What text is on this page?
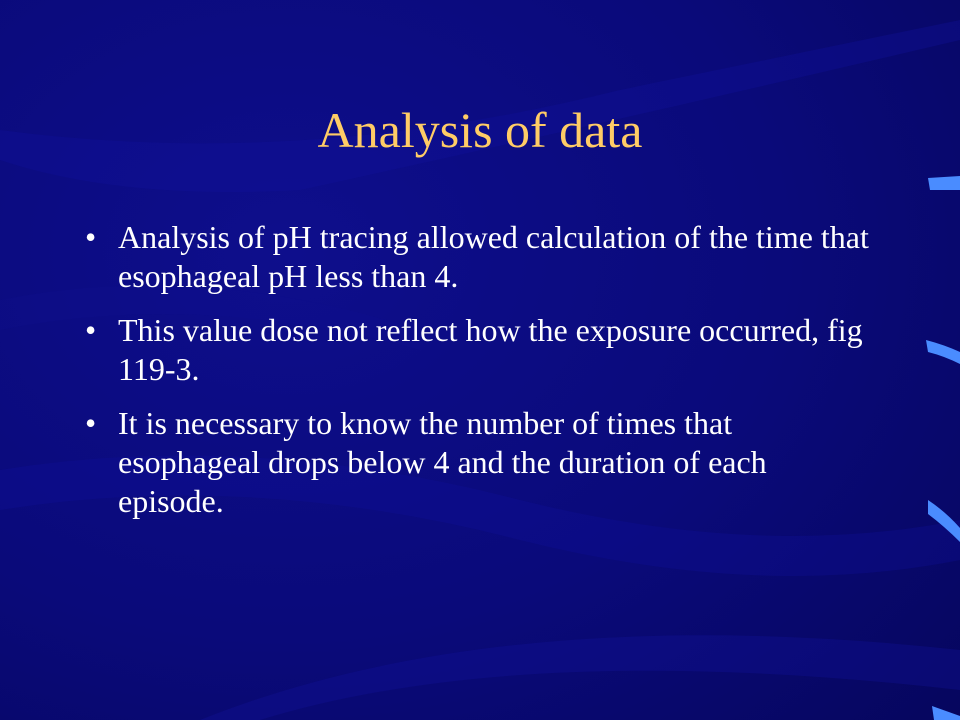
Analysis of data
• Analysis of pH tracing allowed calculation of the time that esophageal pH less than 4.
• This value dose not reflect how the exposure occurred, fig 119-3.
• It is necessary to know the number of times that esophageal drops below 4 and the duration of each episode.
